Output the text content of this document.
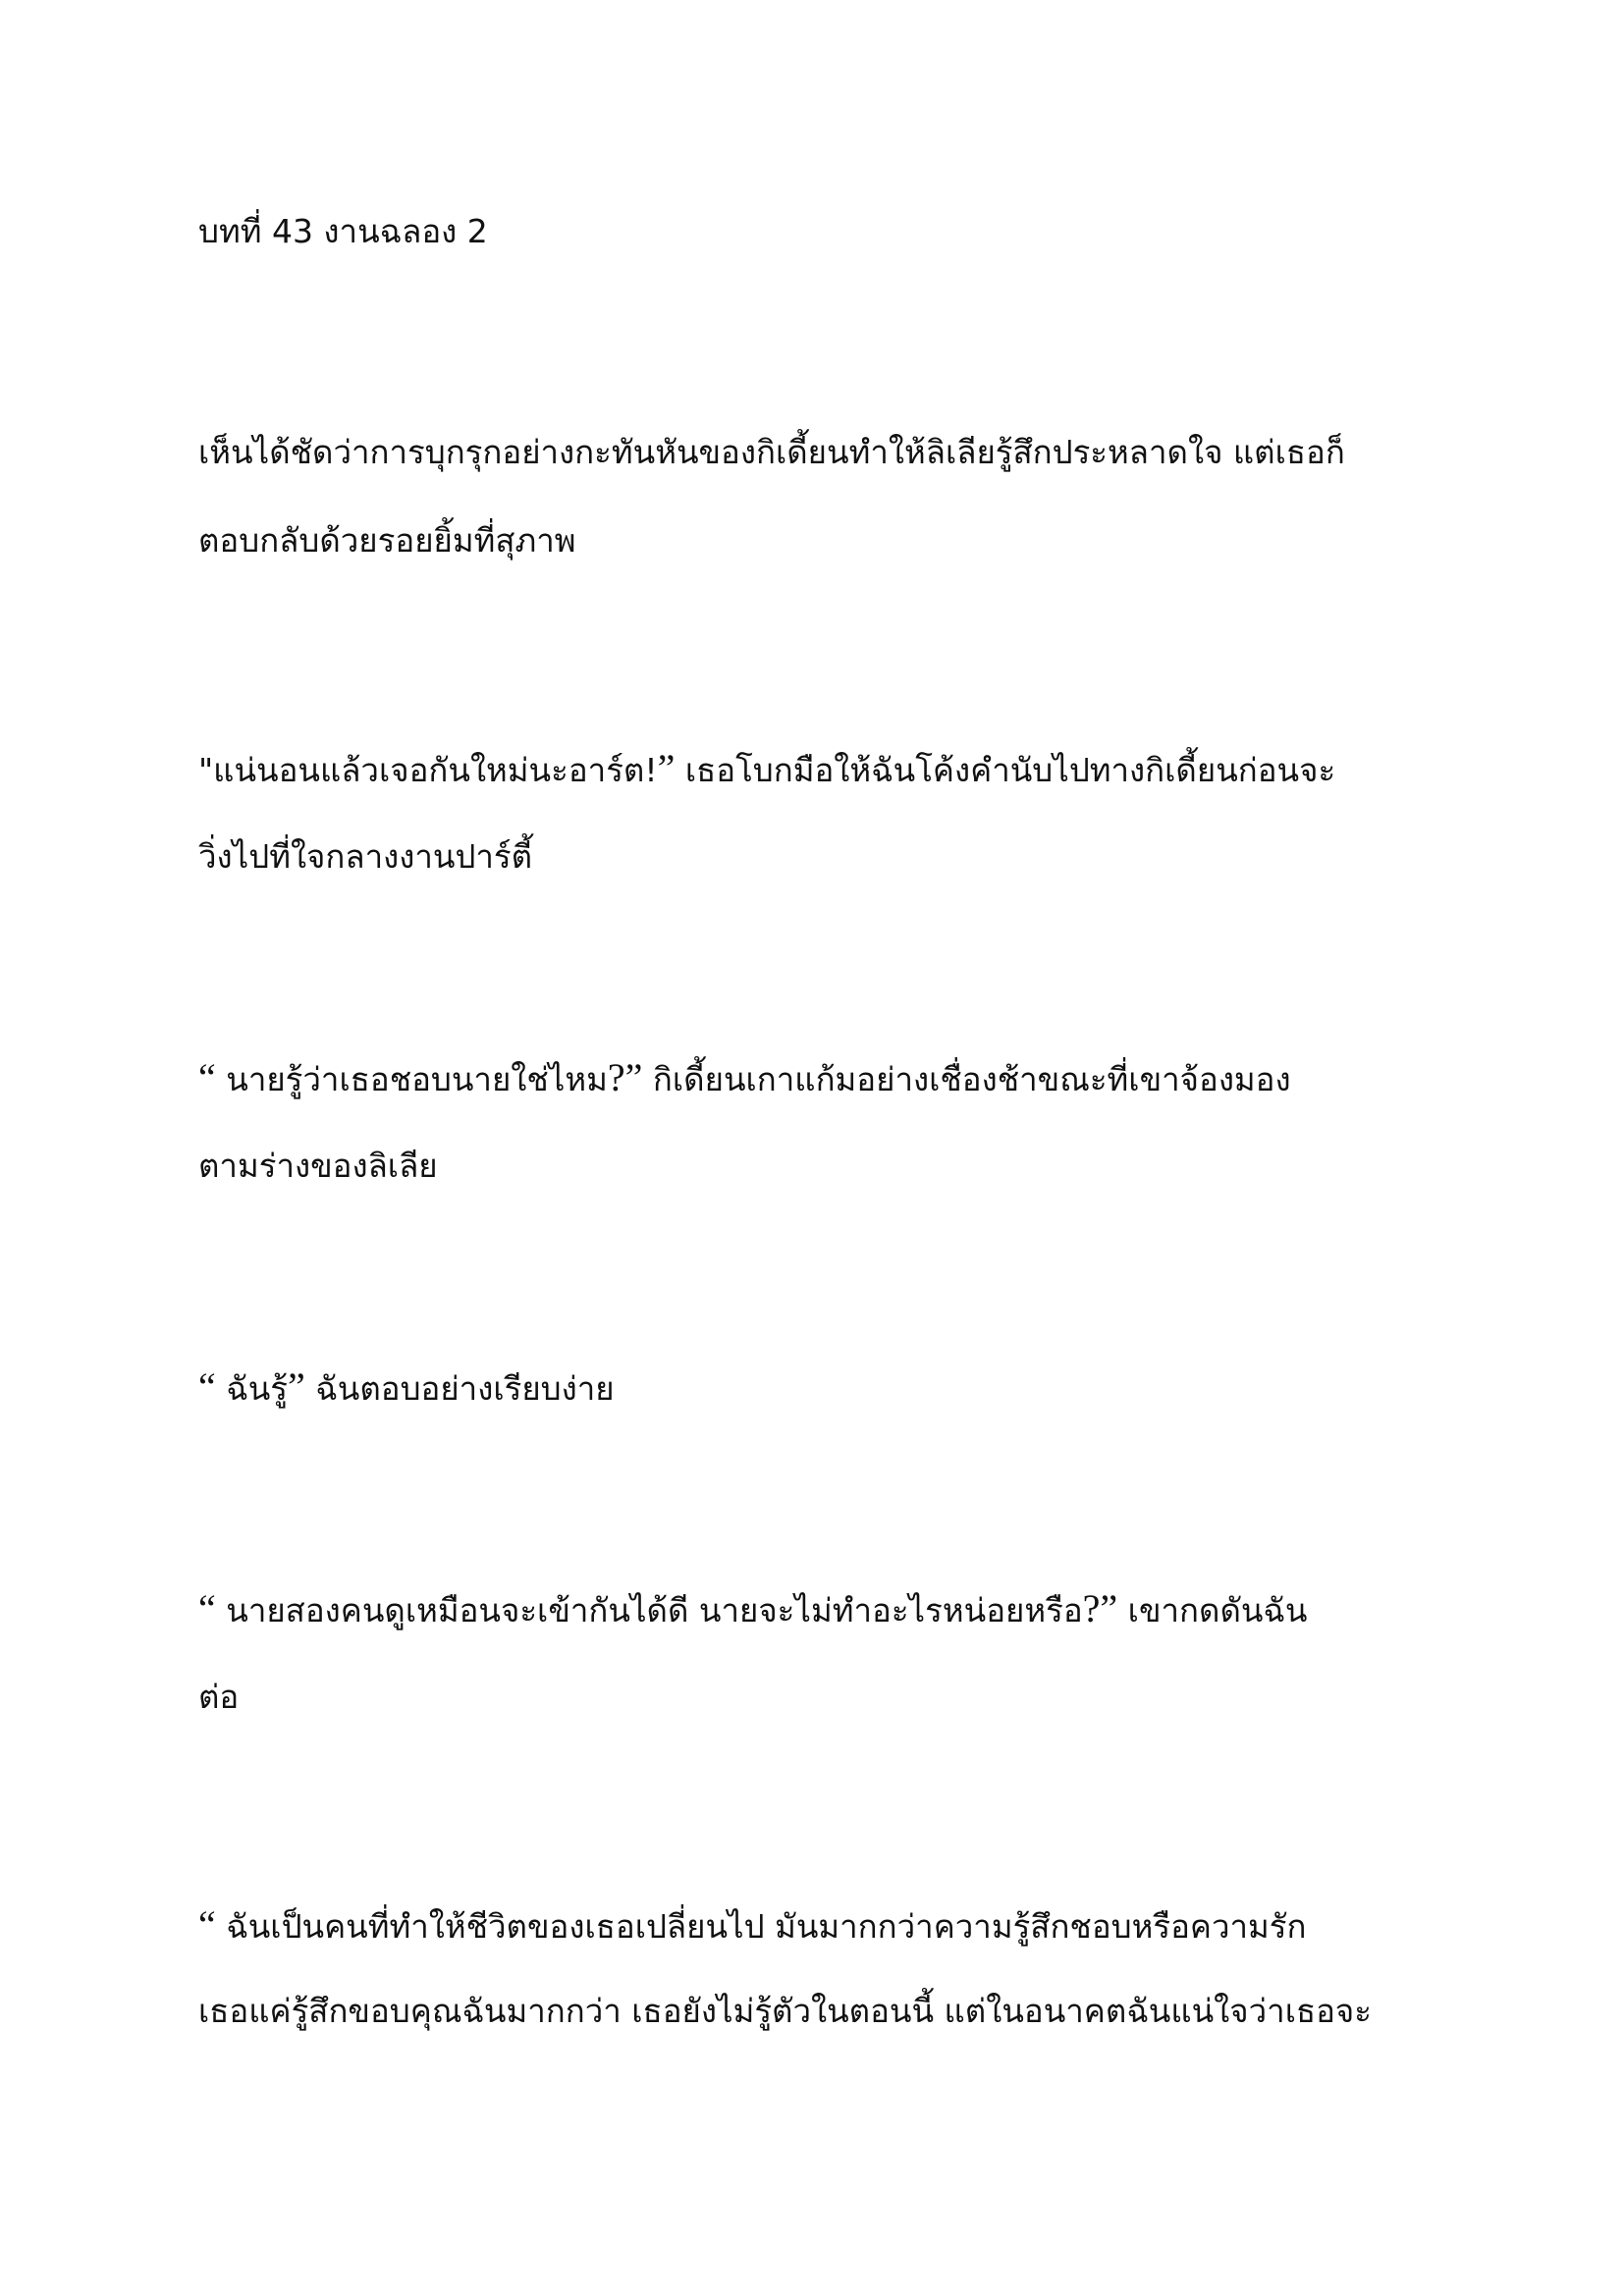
บทที่ 43 งานฉลอง 2

เห็นได้ชัดว่าการบุกรุกอย่างกะทันหันของกิเดี้ยนทำให้ลิเลียรู้สึกประหลาดใจ แต่เธอก็

ตอบกลับด้วยรอยยิ้มที่สุภาพ

"แน่นอนแล้วเจอกันใหม่นะอาร์ต!” เธอโบกมือให้ฉันโค้งคำนับไปทางกิเดี้ยนก่อนจะ

วิ่งไปที่ใจกลางงานปาร์ตี้

“ นายรู้ว่าเธอชอบนายใช่ไหม?” กิเดี้ยนเกาแก้มอย่างเชื่องช้าขณะที่เขาจ้องมอง

ตามร่างของลิเลีย

“ ฉันรู้” ฉันตอบอย่างเรียบง่าย

“ นายสองคนดูเหมือนจะเข้ากันได้ดี นายจะไม่ทำอะไรหน่อยหรือ?” เขากดดันฉัน

ต่อ

“ ฉันเป็นคนที่ทำให้ชีวิตของเธอเปลี่ยนไป มันมากกว่าความรู้สึกชอบหรือความรัก

เธอแค่รู้สึกขอบคุณฉันมากกว่า เธอยังไม่รู้ตัวในตอนนี้ แต่ในอนาคตฉันแน่ใจว่าเธอจะ
